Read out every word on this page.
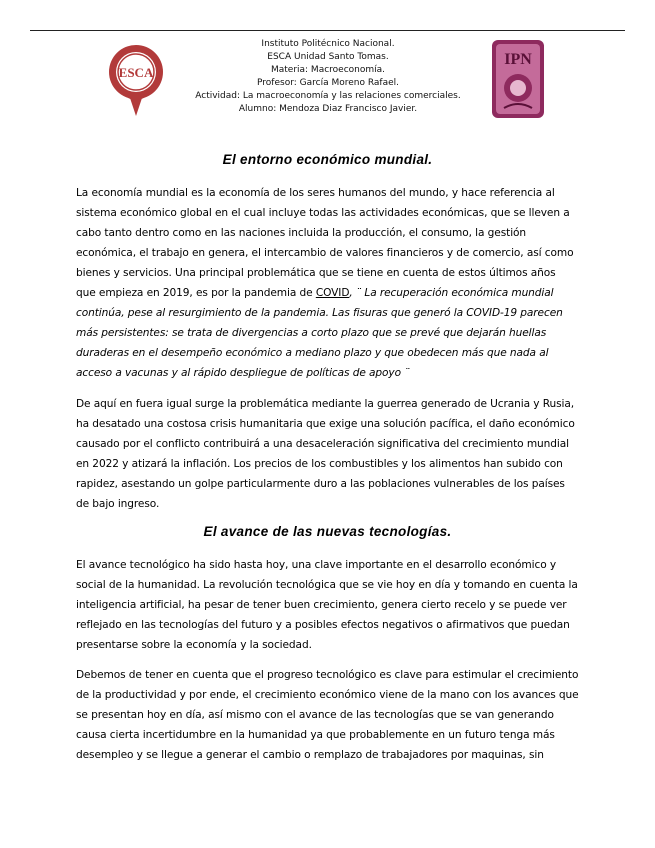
ESCA
Instituto Politécnico Nacional.
ESCA Unidad Santo Tomas.
Materia: Macroeconomía.
Profesor: García Moreno Rafael.
Actividad: La macroeconomía y las relaciones comerciales.
Alumno: Mendoza Diaz Francisco Javier.
IPN
El entorno económico mundial.
La economía mundial es la economía de los seres humanos del mundo, y hace referencia al
sistema económico global en el cual incluye todas las actividades económicas, que se lleven a
cabo tanto dentro como en las naciones incluida la producción, el consumo, la gestión
económica, el trabajo en genera, el intercambio de valores financieros y de comercio, así como
bienes y servicios. Una principal problemática que se tiene en cuenta de estos últimos años
que empieza en 2019, es por la pandemia de COVID, ¨ La recuperación económica mundial
continúa, pese al resurgimiento de la pandemia. Las fisuras que generó la COVID-19 parecen
más persistentes: se trata de divergencias a corto plazo que se prevé que dejarán huellas
duraderas en el desempeño económico a mediano plazo y que obedecen más que nada al
acceso a vacunas y al rápido despliegue de políticas de apoyo ¨
De aquí en fuera igual surge la problemática mediante la guerrea generado de Ucrania y Rusia,
ha desatado una costosa crisis humanitaria que exige una solución pacífica, el daño económico
causado por el conflicto contribuirá a una desaceleración significativa del crecimiento mundial
en 2022 y atizará la inflación. Los precios de los combustibles y los alimentos han subido con
rapidez, asestando un golpe particularmente duro a las poblaciones vulnerables de los países
de bajo ingreso.
El avance de las nuevas tecnologías.
El avance tecnológico ha sido hasta hoy, una clave importante en el desarrollo económico y
social de la humanidad. La revolución tecnológica que se vie hoy en día y tomando en cuenta la
inteligencia artificial, ha pesar de tener buen crecimiento, genera cierto recelo y se puede ver
reflejado en las tecnologías del futuro y a posibles efectos negativos o afirmativos que puedan
presentarse sobre la economía y la sociedad.
Debemos de tener en cuenta que el progreso tecnológico es clave para estimular el crecimiento
de la productividad y por ende, el crecimiento económico viene de la mano con los avances que
se presentan hoy en día, así mismo con el avance de las tecnologías que se van generando
causa cierta incertidumbre en la humanidad ya que probablemente en un futuro tenga más
desempleo y se llegue a generar el cambio o remplazo de trabajadores por maquinas, sin
